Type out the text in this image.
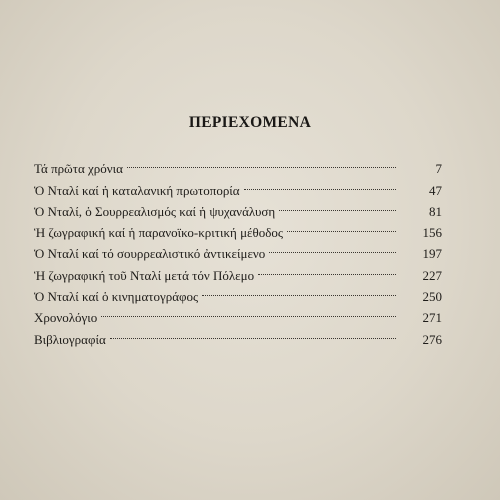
ΠΕΡΙΕΧΟΜΕΝΑ
Τά πρῶτα χρόνια	7
Ὁ Νταλί καί ἡ καταλανική πρωτοπορία	47
Ὁ Νταλί, ὁ Σουρρεαλισμός καί ἡ ψυχανάλυση	81
Ἡ ζωγραφική καί ἡ παρανοϊκο-κριτική μέθοδος	156
Ὁ Νταλί καί τό σουρρεαλιστικό ἀντικείμενο	197
Ἡ ζωγραφική τοῦ Νταλί μετά τόν Πόλεμο	227
Ὁ Νταλί καί ὁ κινηματογράφος	250
Χρονολόγιο	271
Βιβλιογραφία	276
